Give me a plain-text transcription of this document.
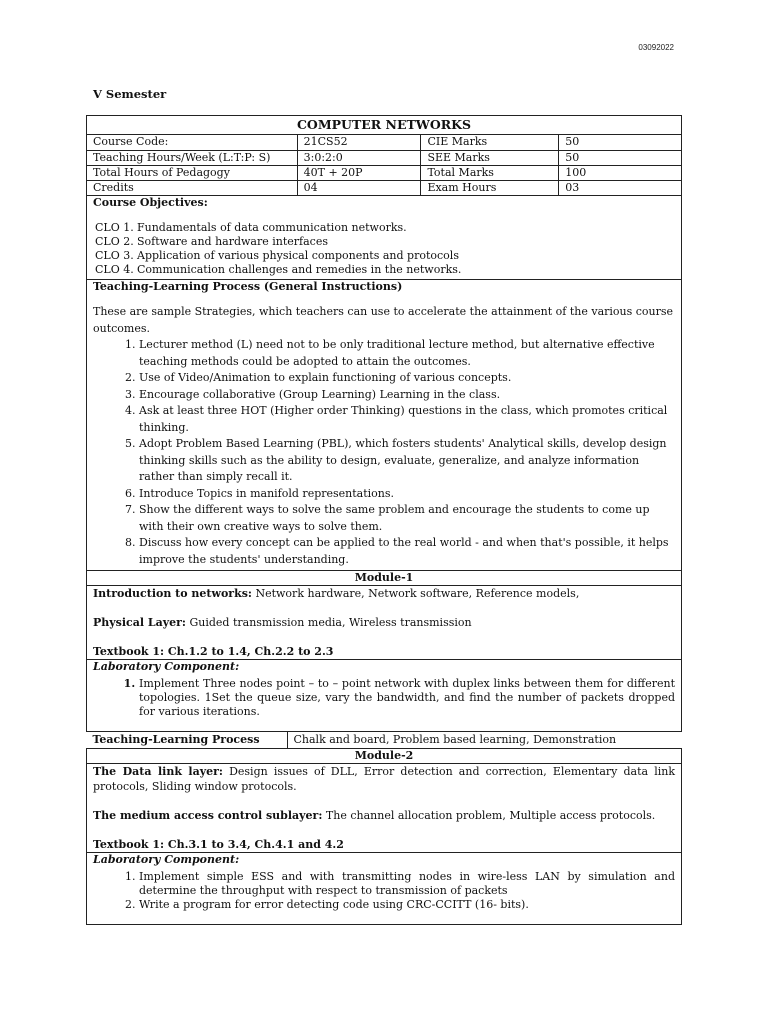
03092022
V Semester
COMPUTER NETWORKS
Course Code:	21CS52	CIE Marks	50
Teaching Hours/Week (L:T:P: S)	3:0:2:0	SEE Marks	50
Total Hours of Pedagogy	40T + 20P	Total Marks	100
Credits	04	Exam Hours	03

Course Objectives:
CLO 1. Fundamentals of data communication networks.
CLO 2. Software and hardware interfaces
CLO 3. Application of various physical components and protocols
CLO 4. Communication challenges and remedies in the networks.

Teaching-Learning Process (General Instructions)

These are sample Strategies, which teachers can use to accelerate the attainment of the various course outcomes.

1. Lecturer method (L) need not to be only traditional lecture method, but alternative effective teaching methods could be adopted to attain the outcomes.
2. Use of Video/Animation to explain functioning of various concepts.
3. Encourage collaborative (Group Learning) Learning in the class.
4. Ask at least three HOT (Higher order Thinking) questions in the class, which promotes critical thinking.
5. Adopt Problem Based Learning (PBL), which fosters students' Analytical skills, develop design thinking skills such as the ability to design, evaluate, generalize, and analyze information rather than simply recall it.
6. Introduce Topics in manifold representations.
7. Show the different ways to solve the same problem and encourage the students to come up with their own creative ways to solve them.
8. Discuss how every concept can be applied to the real world - and when that's possible, it helps improve the students' understanding.

Module-1

Introduction to networks: Network hardware, Network software, Reference models,

Physical Layer: Guided transmission media, Wireless transmission

Textbook 1: Ch.1.2 to 1.4, Ch.2.2 to 2.3

Laboratory Component:
1. Implement Three nodes point – to – point network with duplex links between them for different topologies. 1Set the queue size, vary the bandwidth, and find the number of packets dropped for various iterations.

Teaching-Learning Process	Chalk and board, Problem based learning, Demonstration

Module-2

The Data link layer: Design issues of DLL, Error detection and correction, Elementary data link protocols, Sliding window protocols.

The medium access control sublayer: The channel allocation problem, Multiple access protocols.

Textbook 1: Ch.3.1 to 3.4, Ch.4.1 and 4.2

Laboratory Component:
1. Implement simple ESS and with transmitting nodes in wire-less LAN by simulation and determine the throughput with respect to transmission of packets
2. Write a program for error detecting code using CRC-CCITT (16- bits).
